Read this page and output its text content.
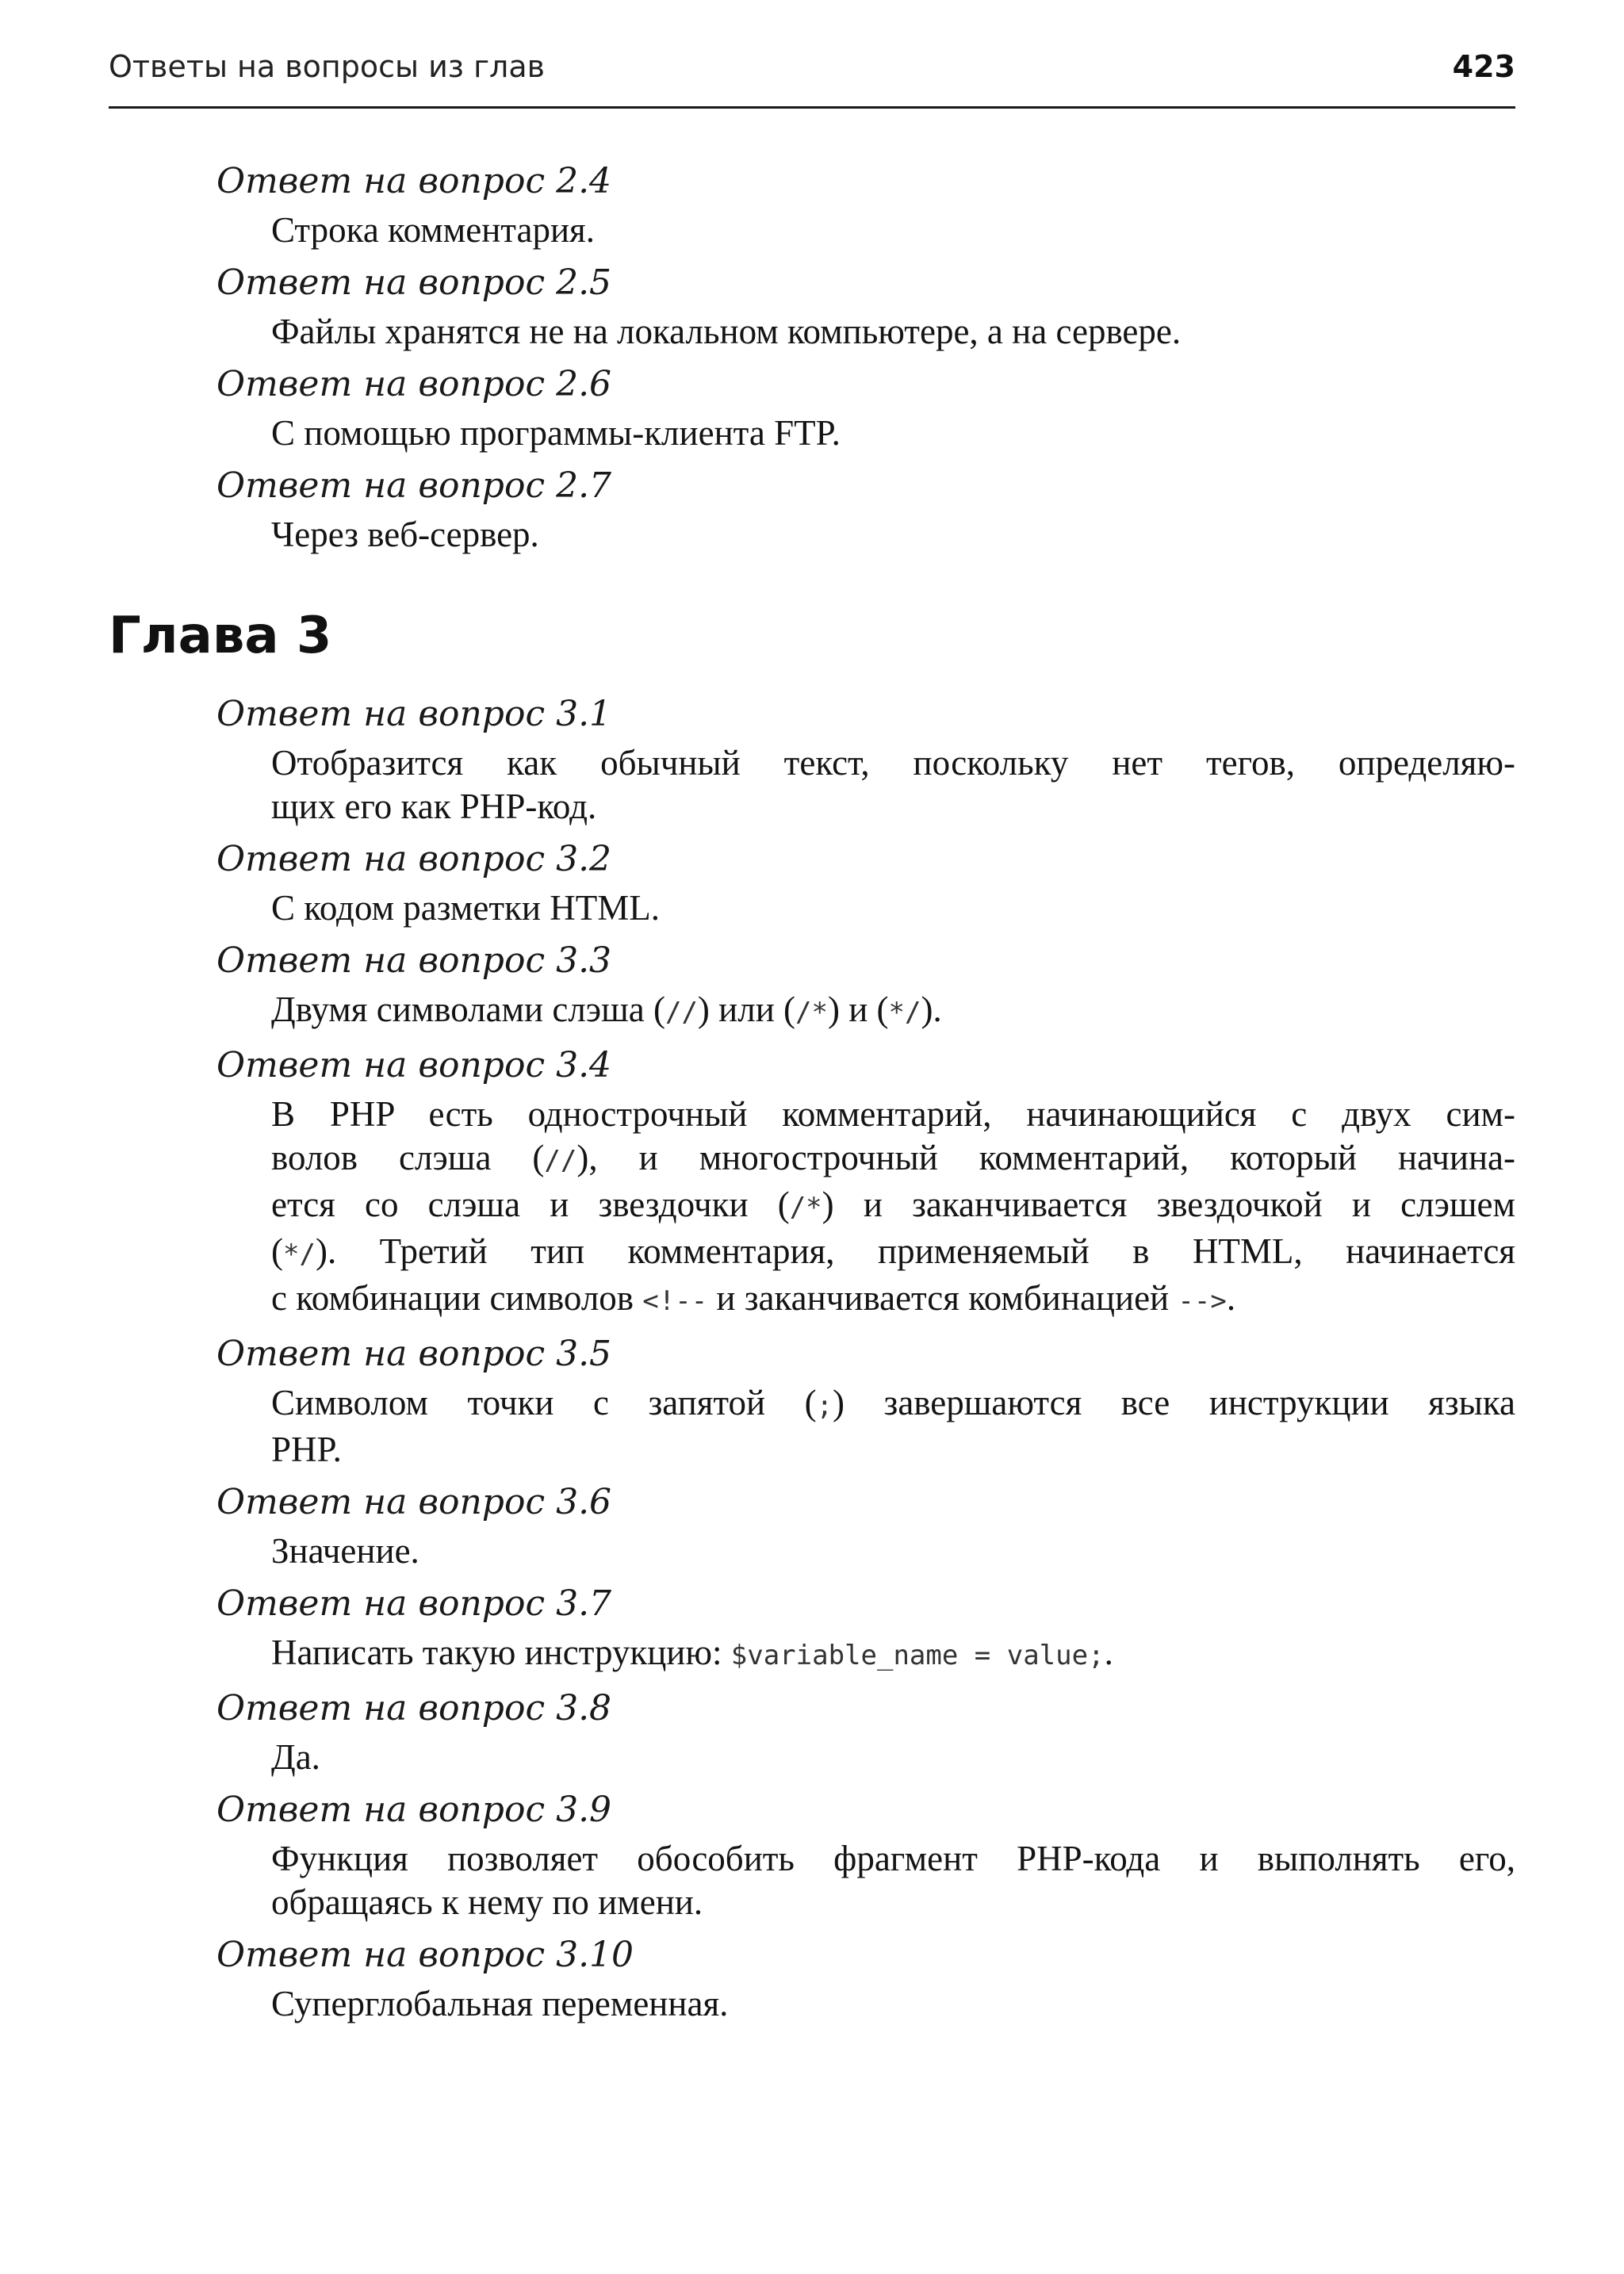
Ответы на вопросы из глав	423
Ответ на вопрос 2.4
Строка комментария.
Ответ на вопрос 2.5
Файлы хранятся не на локальном компьютере, а на сервере.
Ответ на вопрос 2.6
С помощью программы-клиента FTP.
Ответ на вопрос 2.7
Через веб-сервер.
Глава 3
Ответ на вопрос 3.1
Отобразится как обычный текст, поскольку нет тегов, определяю-
щих его как PHP-код.
Ответ на вопрос 3.2
С кодом разметки HTML.
Ответ на вопрос 3.3
Двумя символами слэша (//) или (/*) и (*/).
Ответ на вопрос 3.4
В PHP есть однострочный комментарий, начинающийся с двух сим-
волов слэша (//), и многострочный комментарий, который начина-
ется со слэша и звездочки (/*) и заканчивается звездочкой и слэшем
(*/). Третий тип комментария, применяемый в HTML, начинается
с комбинации символов <!-- и заканчивается комбинацией -->.
Ответ на вопрос 3.5
Символом точки с запятой (;) завершаются все инструкции языка
PHP.
Ответ на вопрос 3.6
Значение.
Ответ на вопрос 3.7
Написать такую инструкцию: $variable_name = value;.
Ответ на вопрос 3.8
Да.
Ответ на вопрос 3.9
Функция позволяет обособить фрагмент PHP-кода и выполнять его,
обращаясь к нему по имени.
Ответ на вопрос 3.10
Суперглобальная переменная.
